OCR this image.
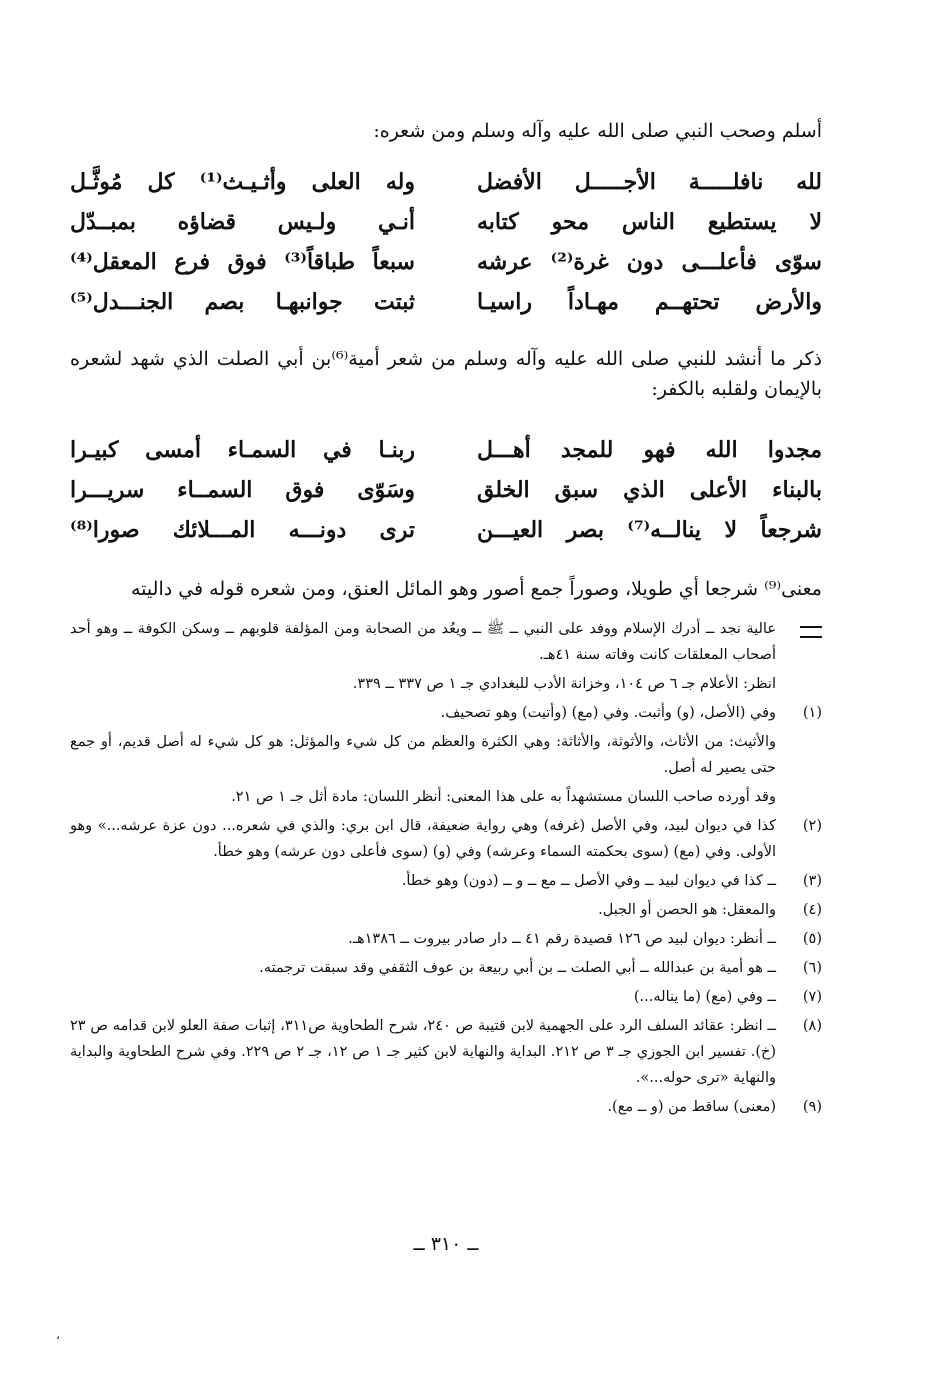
أسلم وصحب النبي صلى الله عليه وآله وسلم ومن شعره:
لله نافلـــــة الأجـــــل الأفضل
وله العلى وأثـيـث⁽¹⁾ كل مُوثَّـل
لا يستطيع الناس محو كتابه
أنـي ولـيس قضاؤه بمبــدّل
سوّى فأعلـــى دون غرة⁽²⁾ عرشه
سبعاً طباقاً⁽³⁾ فوق فرع المعقل⁽⁴⁾
والأرض تحتهــم مهـاداً راسيـا
ثبتت جوانبهـا بصم الجنـــدل⁽⁵⁾
ذكر ما أنشد للنبي صلى الله عليه وآله وسلم من شعر أمية⁽⁶⁾بن أبي الصلت الذي شهد لشعره بالإيمان ولقلبه بالكفر:
مجدوا الله فهو للمجد أهـــل
ربنـا في السمـاء أمسى كبيـرا
بالبناء الأعلى الذي سبق الخلق
وسَوّى فوق السمــاء سريـــرا
شرجعاً لا ينالــه⁽⁷⁾ بصر العيـــن
ترى دونـــه المـــلائك صورا⁽⁸⁾
معنى⁽⁹⁾ شرجعا أي طويلا، وصوراً جمع أصور وهو المائل العنق، ومن شعره قوله في داليته
عالية نجد ــ أدرك الإسلام ووفد على النبي ــ ﷺ ــ ويعُد من الصحابة ومن المؤلفة قلوبهم ــ وسكن الكوفة ــ وهو أحد أصحاب المعلقات كانت وفاته سنة ٤١هـ.
انظر: الأعلام جـ ٦ ص ١٠٤، وخزانة الأدب للبغدادي جـ ١ ص ٣٣٧ ــ ٣٣٩.
(١)
وفي (الأصل، (و) وأثبت. وفي (مع) (وأتيت) وهو تصحيف.
والأثيث: من الأثاث، والأثوثة، والأثاثة: وهي الكثرة والعظم من كل شيء والمؤثل: هو كل شيء له أصل قديم، أو جمع حتى يصير له أصل.
وقد أورده صاحب اللسان مستشهداً به على هذا المعنى: أنظر اللسان: مادة أثل جـ ١ ص ٢١.
(٢)
كذا في ديوان لبيد، وفي الأصل (غرفه) وهي رواية ضعيفة، قال ابن بري: والذي في شعره... دون عزة عرشه...» وهو الأولى. وفي (مع) (سوى بحكمته السماء وعرشه) وفي (و) (سوى فأعلى دون عرشه) وهو خطأ.
(٣)
ــ كذا في ديوان لبيد ــ وفي الأصل ــ مع ــ و ــ (دون) وهو خطأ.
(٤)
والمعقل: هو الحصن أو الجبل.
(٥)
ــ أنظر: ديوان لبيد ص ١٢٦ قصيدة رقم ٤١ ــ دار صادر بيروت ــ ١٣٨٦هـ.
(٦)
ــ هو أمية بن عبدالله ــ أبي الصلت ــ بن أبي ربيعة بن عوف الثقفي وقد سبقت ترجمته.
(٧)
ــ وفي (مع) (ما يناله...)
(٨)
ــ انظر: عقائد السلف الرد على الجهمية لابن قتيبة ص ٢٤٠، شرح الطحاوية ص٣١١، إثبات صفة العلو لابن قدامه ص ٢٣ (خ). تفسير ابن الجوزي جـ ٣ ص ٢١٢. البداية والنهاية لابن كثير جـ ١ ص ١٢، جـ ٢ ص ٢٢٩. وفي شرح الطحاوية والبداية والنهاية «ترى حوله...».
(٩)
(معنى) ساقط من (و ــ مع).
ــ ٣١٠ ــ
،
